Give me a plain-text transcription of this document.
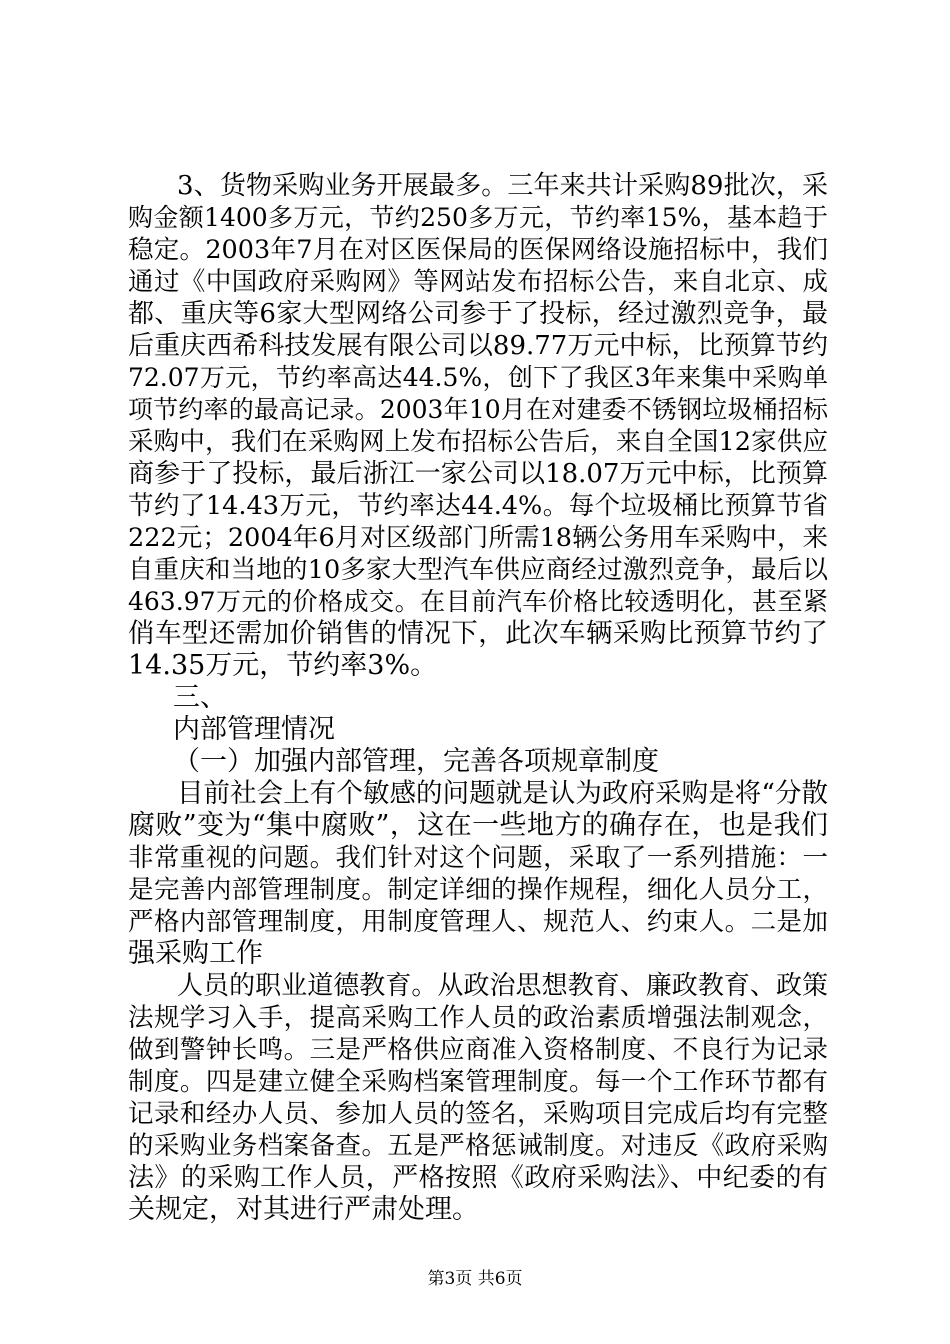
3、货物采购业务开展最多。三年来共计采购89批次，采
购金额1400多万元，节约250多万元，节约率15%，基本趋于
稳定。2003年7月在对区医保局的医保网络设施招标中，我们
通过《中国政府采购网》等网站发布招标公告，来自北京、成
都、重庆等6家大型网络公司参于了投标，经过激烈竞争，最
后重庆西希科技发展有限公司以89.77万元中标，比预算节约
72.07万元，节约率高达44.5%，创下了我区3年来集中采购单
项节约率的最高记录。2003年10月在对建委不锈钢垃圾桶招标
采购中，我们在采购网上发布招标公告后，来自全国12家供应
商参于了投标，最后浙江一家公司以18.07万元中标，比预算
节约了14.43万元，节约率达44.4%。每个垃圾桶比预算节省
222元；2004年6月对区级部门所需18辆公务用车采购中，来
自重庆和当地的10多家大型汽车供应商经过激烈竞争，最后以
463.97万元的价格成交。在目前汽车价格比较透明化，甚至紧
俏车型还需加价销售的情况下，此次车辆采购比预算节约了
14.35万元，节约率3%。
三、
内部管理情况
（一）加强内部管理，完善各项规章制度
目前社会上有个敏感的问题就是认为政府采购是将“分散
腐败”变为“集中腐败”，这在一些地方的确存在，也是我们
非常重视的问题。我们针对这个问题，采取了一系列措施：一
是完善内部管理制度。制定详细的操作规程，细化人员分工，
严格内部管理制度，用制度管理人、规范人、约束人。二是加
强采购工作
人员的职业道德教育。从政治思想教育、廉政教育、政策
法规学习入手，提高采购工作人员的政治素质增强法制观念，
做到警钟长鸣。三是严格供应商准入资格制度、不良行为记录
制度。四是建立健全采购档案管理制度。每一个工作环节都有
记录和经办人员、参加人员的签名，采购项目完成后均有完整
的采购业务档案备查。五是严格惩诫制度。对违反《政府采购
法》的采购工作人员，严格按照《政府采购法》、中纪委的有
关规定，对其进行严肃处理。
第3页 共6页
